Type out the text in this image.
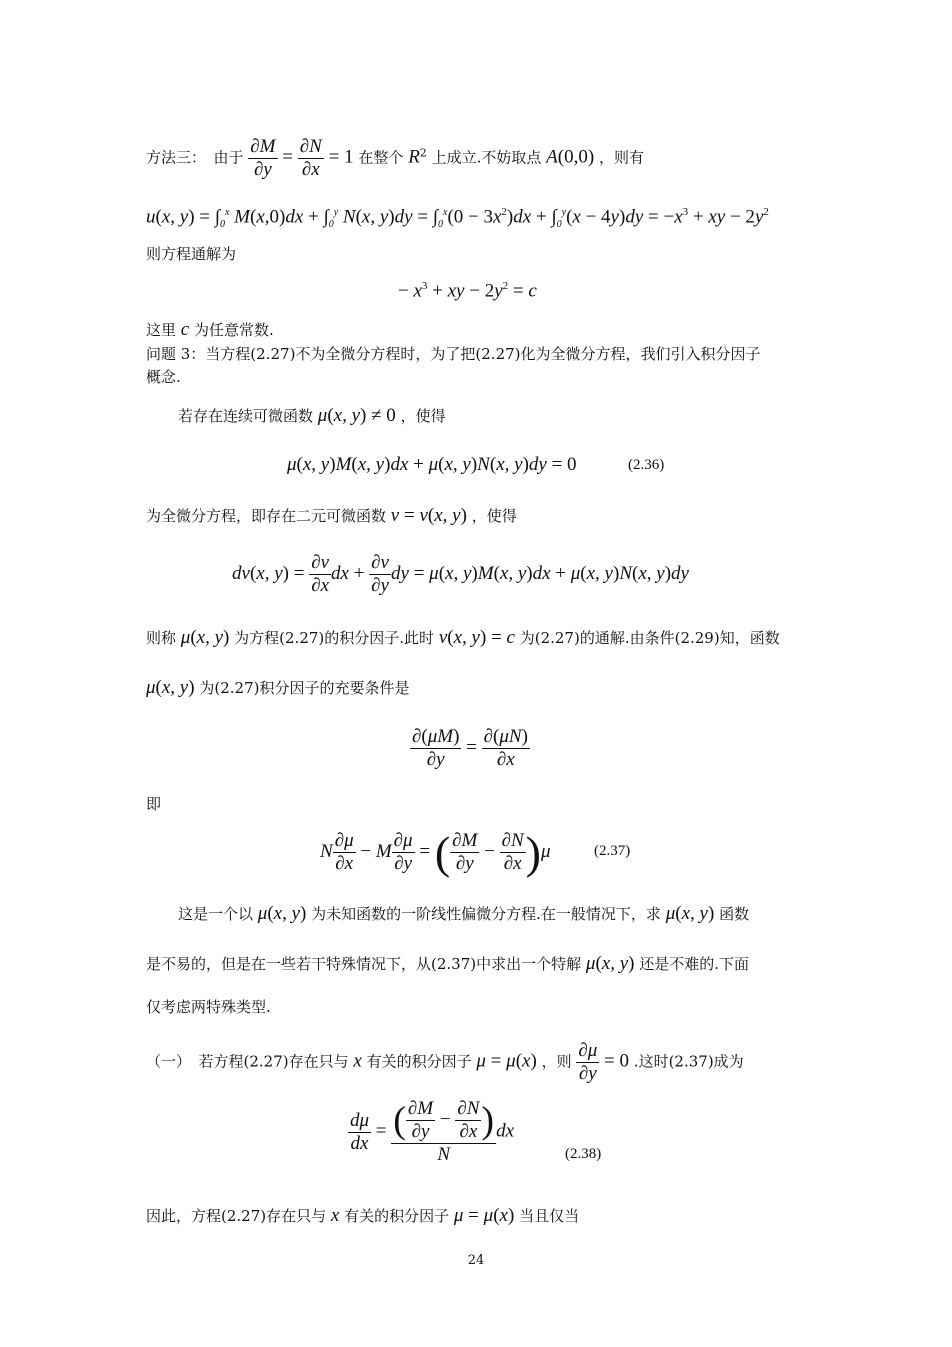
方法三：　由于 $\frac{\partial M}{\partial y} = \frac{\partial N}{\partial x} = 1$ 在整个 $R^2$ 上成立.不妨取点 A(0,0) ，则有
u(x, $y) = \int_0^x$ $M(x,0)dx + \int_0^y$ N(x, $y)dy = \int_0^x(0 - 3x^2)dx + \int_0^y(x - 4y)dy = -x^3$ + xy − $2y^2$
则方程通解为
− $x^3$ + xy − $2y^2 = c$
这里 c 为任意常数.
问题 3：当方程(2.27)不为全微分方程时，为了把(2.27)化为全微分方程，我们引入积分因子
概念.
若存在连续可微函数 μ(x, y) ≠ 0 ，使得
μ(x, y)M(x, y)dx + μ(x, y)N(x, y)dy = 0	(2.36)
为全微分方程，即存在二元可微函数 v = v(x, y) ，使得
dv(x, $y) = \frac{\partial v}{\partial x}$ dx + $\frac{\partial v}{\partial y}$ dy = μ(x, y)M(x, y)dx + μ(x, y)N(x, y)dy
则称 μ(x, y) 为方程(2.27)的积分因子.此时 v(x, y) = c 为(2.27)的通解.由条件(2.29)知，函数
μ(x, y) 为(2.27)积分因子的充要条件是
$\frac{\partial(\mu M)}{\partial y} = \frac{\partial(\mu N)}{\partial x}$
即
N $\frac{\partial\mu}{\partial x} - M \frac{\partial\mu}{\partial y}$ = ( $\frac{\partial M}{\partial y} - \frac{\partial N}{\partial x} )\mu$	(2.37)
这是一个以 μ(x, y) 为未知函数的一阶线性偏微分方程.在一般情况下，求 μ(x, y) 函数
是不易的，但是在一些若干特殊情况下，从(2.37)中求出一个特解 μ(x, y) 还是不难的.下面
仅考虑两特殊类型.
（一）　若方程(2.27)存在只与 x 有关的积分因子 μ = μ(x) ，则 $\frac{\partial\mu}{\partial y} = 0$ .这时(2.37)成为
$\frac{d\mu}{dx} = \frac{( \frac{\partial M}{\partial y} - \frac{\partial N}{\partial x} )}{N}$ dx
(2.38)
因此，方程(2.27)存在只与 x 有关的积分因子 μ = μ(x) 当且仅当
24
